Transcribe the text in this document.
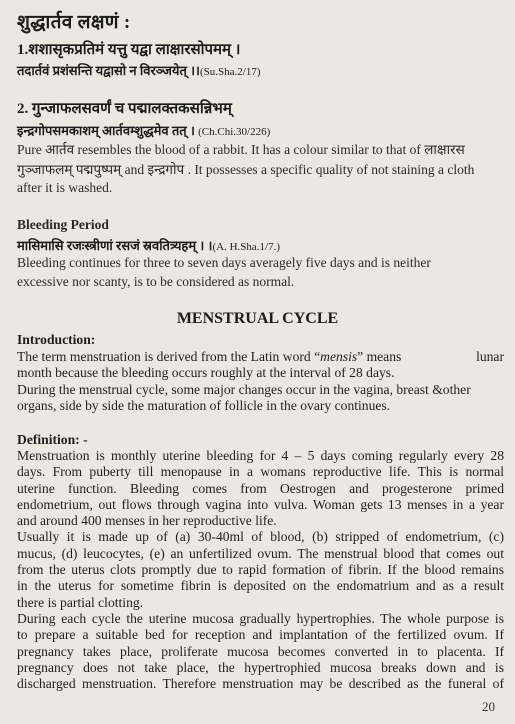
शुद्धार्तव लक्षणं :
1.शशासृकप्रतिमं यत्तु यद्वा लाक्षारसोपमम् ।
तदार्तवं प्रशंसन्ति यद्वासो न विरञ्जयेत् ।।(Su.Sha.2/17)
2. गुन्जाफलसवर्णं च पद्मालक्तकसन्निभम्
इन्द्रगोपसमकाशम् आर्तवम्शुद्धमेव तत् । (Ch.Chi.30/226)
Pure आर्तव resembles the blood of a rabbit. It has a colour similar to that of लाक्षारस
गुञ्जाफलम् पद्मपुष्पम् and इन्द्रगोप . It possesses a specific quality of not staining a cloth
after it is washed.
Bleeding Period
मासिमासि रजःस्त्रीणां रसजं स्रवतित्र्यहम् । ।(A. H.Sha.1/7.)
Bleeding continues for three to seven days averagely five days and is neither
excessive nor scanty, is to be considered as normal.
MENSTRUAL CYCLE
Introduction:
The term menstruation is derived from the Latin word “mensis” means	lunar
month because the bleeding occurs roughly at the interval of 28 days.
During the menstrual cycle, some major changes occur in the vagina, breast &other
organs, side by side the maturation of follicle in the ovary continues.
Definition: -
Menstruation is monthly uterine bleeding for 4 – 5 days coming regularly every 28
days. From puberty till menopause in a womans reproductive life. This is normal
uterine function. Bleeding comes from Oestrogen and progesterone primed
endometrium, out flows through vagina into vulva. Woman gets 13 menses in a year
and around 400 menses in her reproductive life.
Usually it is made up of (a) 30-40ml of blood, (b) stripped of endometrium, (c)
mucus, (d) leucocytes, (e) an unfertilized ovum. The menstrual blood that comes out
from the uterus clots promptly due to rapid formation of fibrin. If the blood remains
in the uterus for sometime fibrin is deposited on the endomatrium and as a result
there is partial clotting.
During each cycle the uterine mucosa gradually hypertrophies. The whole purpose is
to prepare a suitable bed for reception and implantation of the fertilized ovum. If
pregnancy takes place, proliferate mucosa becomes converted in to placenta. If
pregnancy does not take place, the hypertrophied mucosa breaks down and is
discharged menstruation. Therefore menstruation may be described as the funeral of
20
